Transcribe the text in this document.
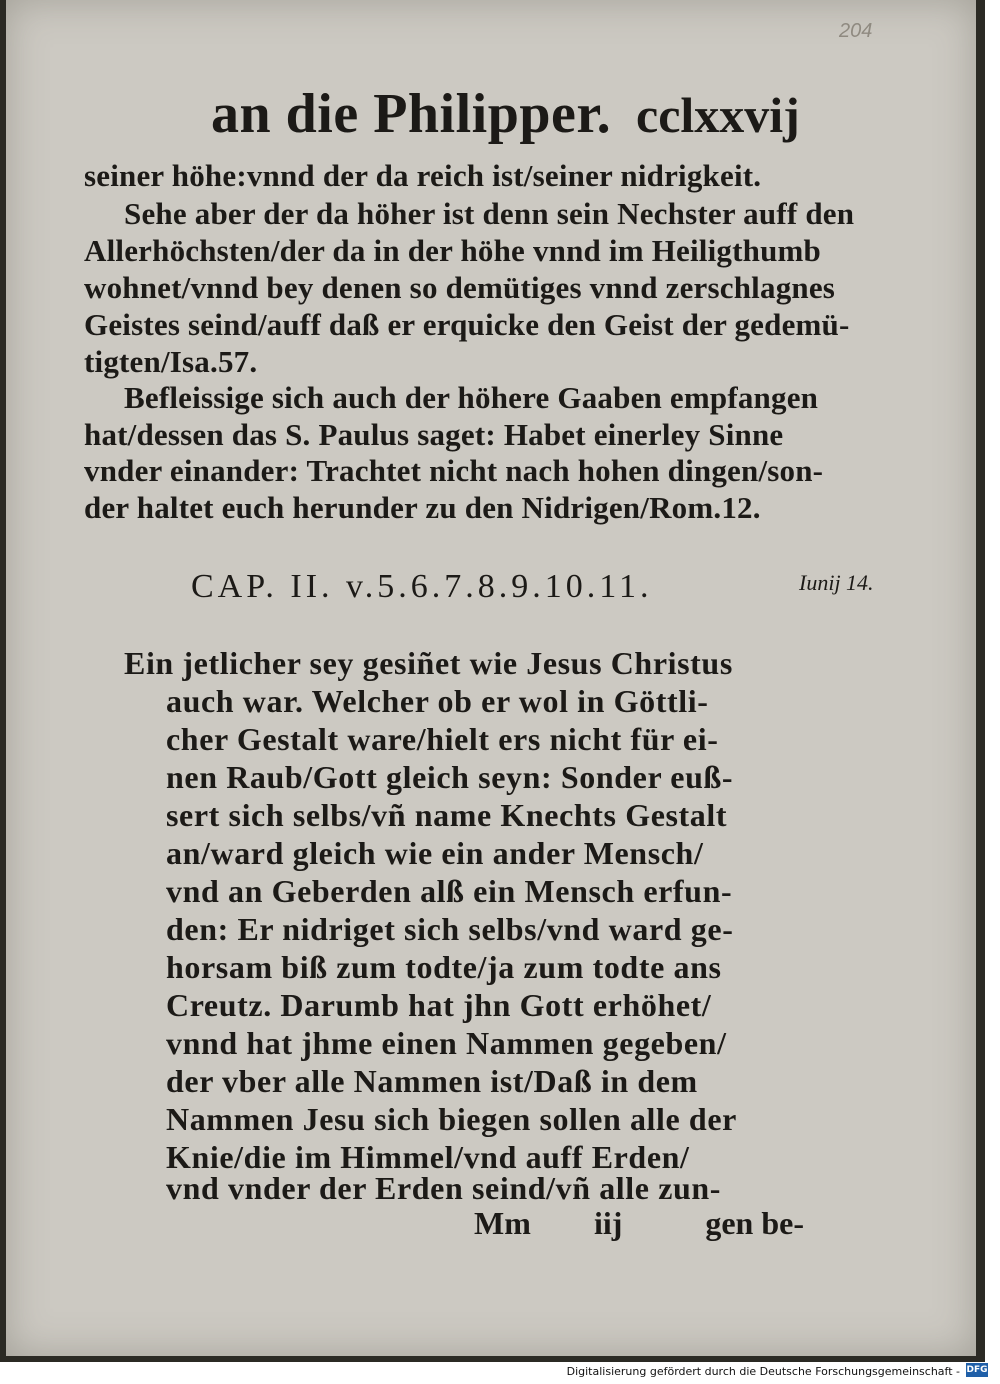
204
an die Philipper. cclxxvij
seiner höhe:vnnd der da reich ist/seiner nidrigkeit.
Sehe aber der da höher ist denn sein Nechster auff den
Allerhöchsten/der da in der höhe vnnd im Heiligthumb
wohnet/vnnd bey denen so demütiges vnnd zerschlagnes
Geistes seind/auff daß er erquicke den Geist der gedemü-
tigten/Isa.57.
Befleissige sich auch der höhere Gaaben empfangen
hat/dessen das S. Paulus saget: Habet einerley Sinne
vnder einander: Trachtet nicht nach hohen dingen/son-
der haltet euch herunder zu den Nidrigen/Rom.12.
CAP. II. v.5.6.7.8.9.10.11.	Iunij 14.
Ein jetlicher sey gesiñet wie Jesus Christus
auch war. Welcher ob er wol in Göttli-
cher Gestalt ware/hielt ers nicht für ei-
nen Raub/Gott gleich seyn: Sonder euß-
sert sich selbs/vñ name Knechts Gestalt
an/ward gleich wie ein ander Mensch/
vnd an Geberden alß ein Mensch erfun-
den: Er nidriget sich selbs/vnd ward ge-
horsam biß zum todte/ja zum todte ans
Creutz. Darumb hat jhn Gott erhöhet/
vnnd hat jhme einen Nammen gegeben/
der vber alle Nammen ist/Daß in dem
Nammen Jesu sich biegen sollen alle der
Knie/die im Himmel/vnd auff Erden/
vnd vnder der Erden seind/vñ alle zun-
Mm iij	gen be-
Digitalisierung gefördert durch die Deutsche Forschungsgemeinschaft - DFG
